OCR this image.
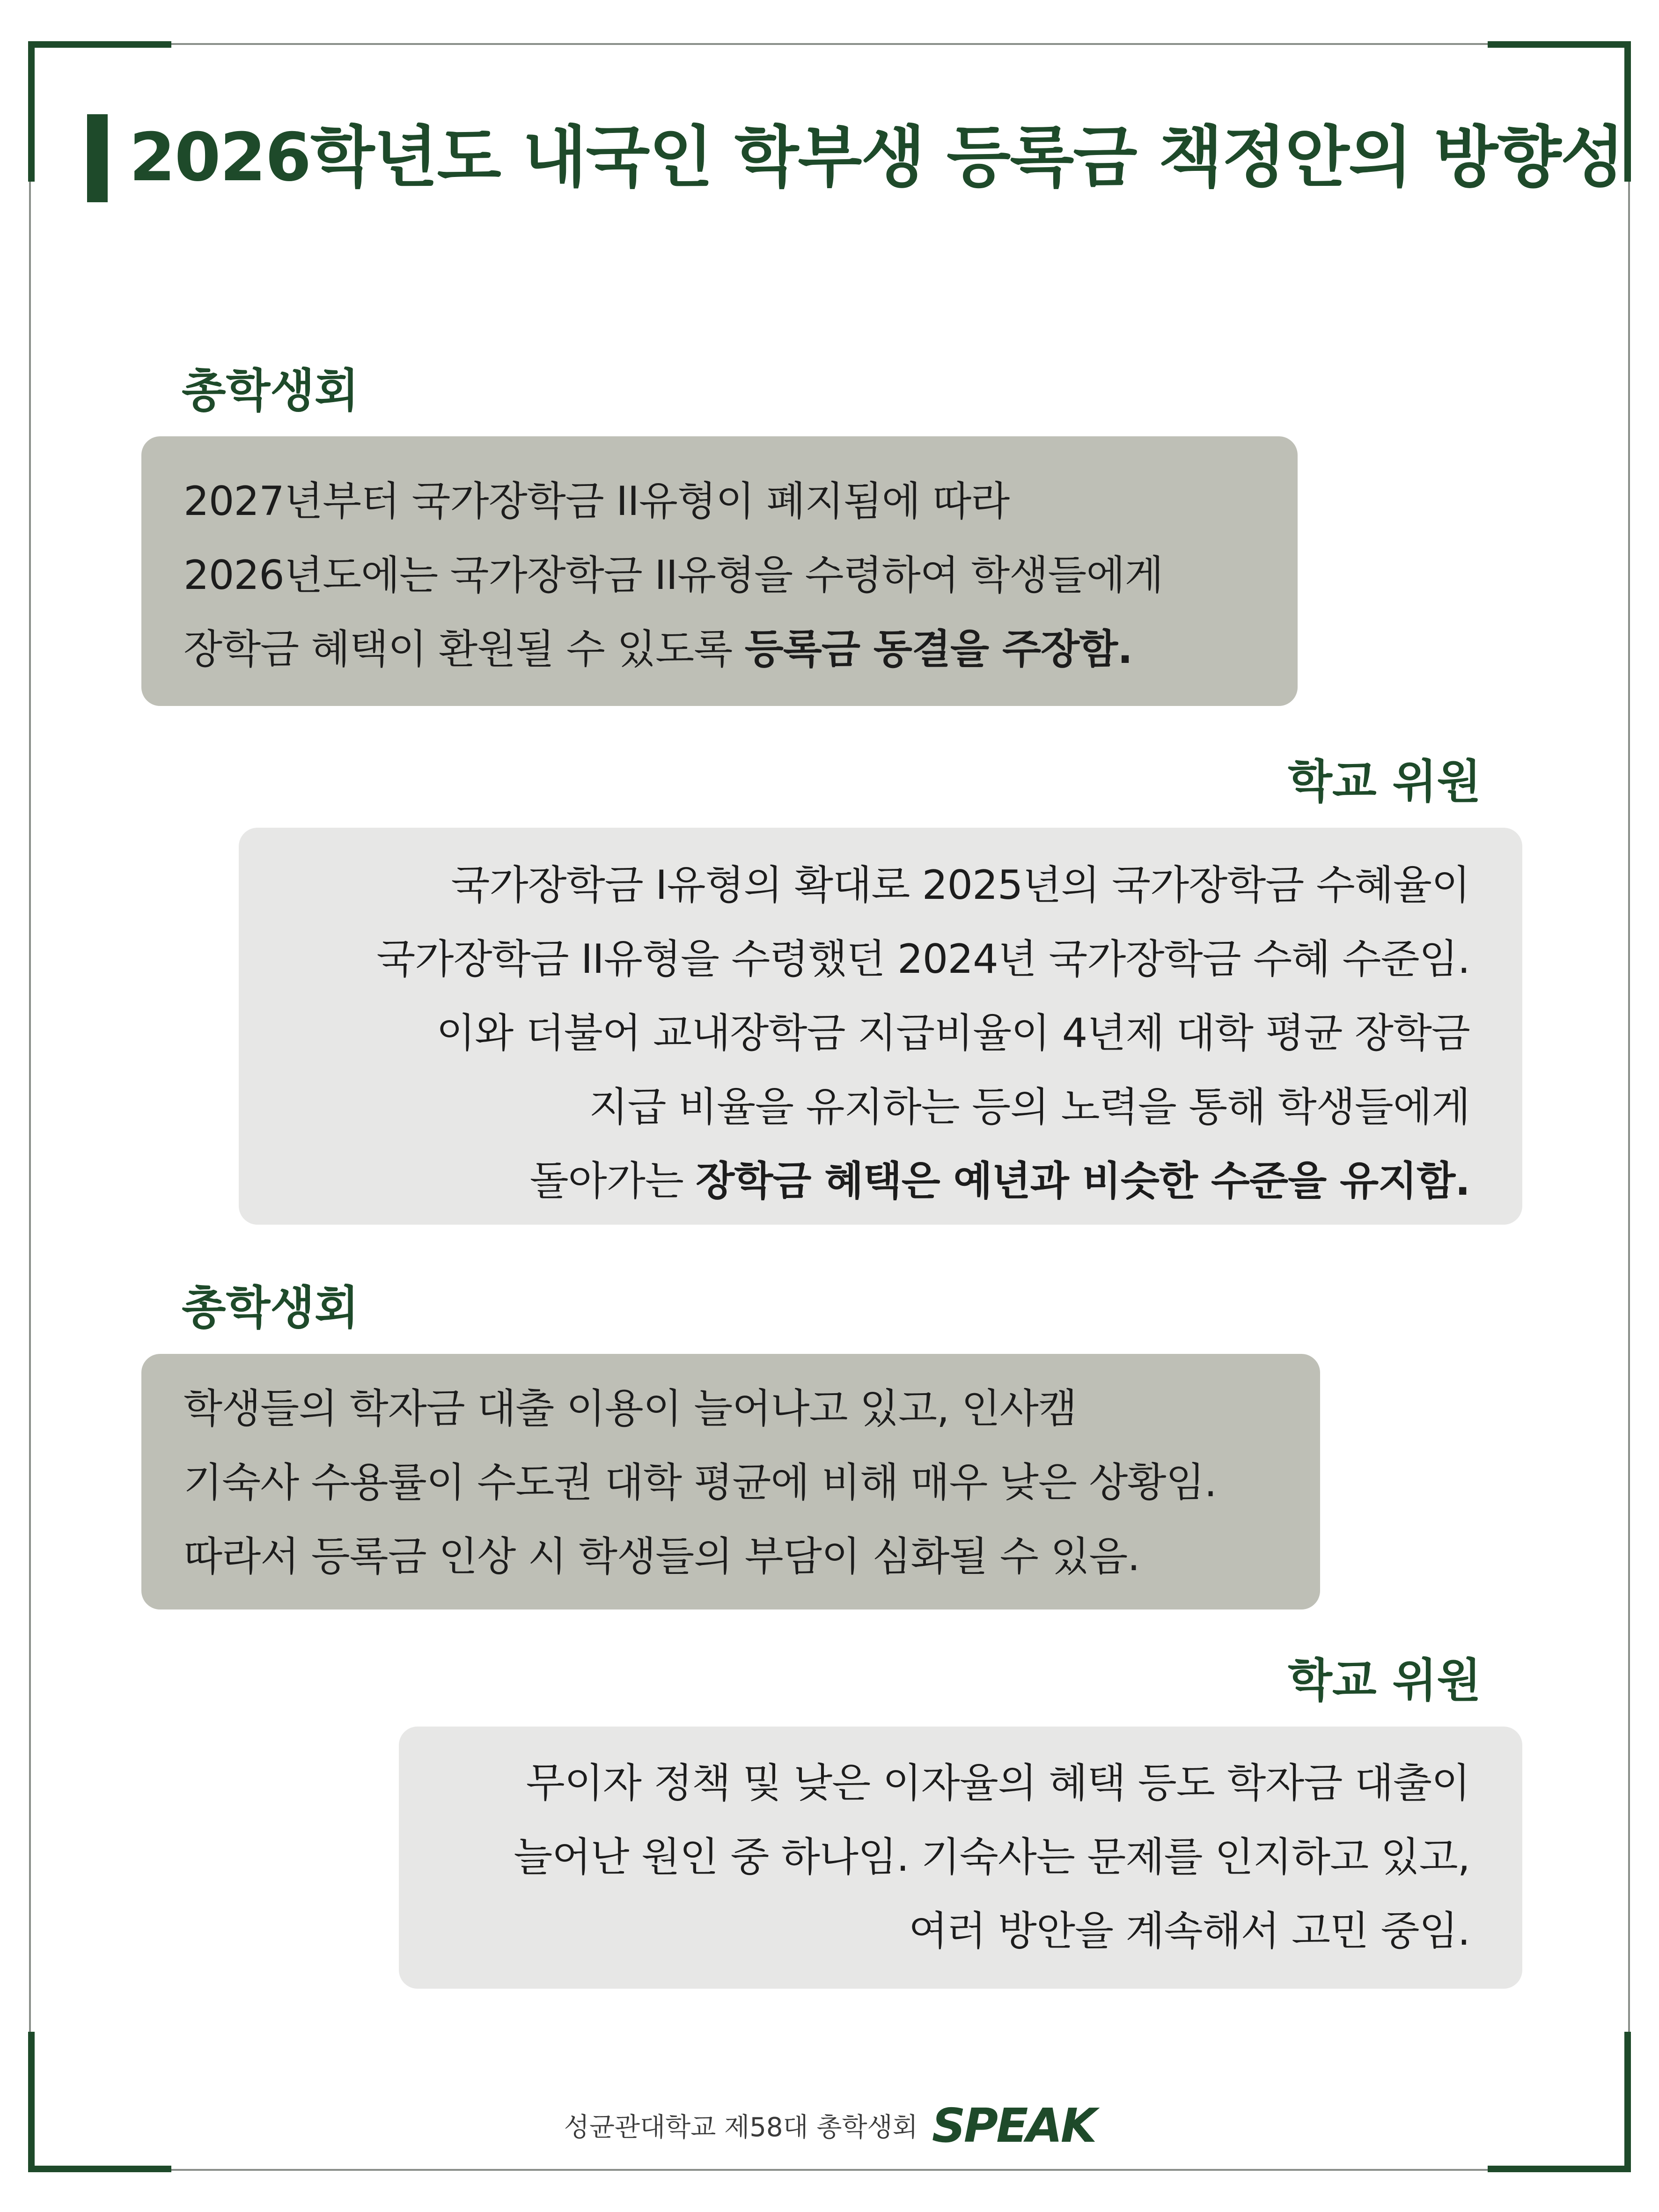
2026학년도 내국인 학부생 등록금 책정안의 방향성
총학생회
2027년부터 국가장학금 II유형이 폐지됨에 따라
2026년도에는 국가장학금 II유형을 수령하여 학생들에게
장학금 혜택이 환원될 수 있도록 등록금 동결을 주장함.
학교 위원
국가장학금 I유형의 확대로 2025년의 국가장학금 수혜율이
국가장학금 II유형을 수령했던 2024년 국가장학금 수혜 수준임.
이와 더불어 교내장학금 지급비율이 4년제 대학 평균 장학금
지급 비율을 유지하는 등의 노력을 통해 학생들에게
돌아가는 장학금 혜택은 예년과 비슷한 수준을 유지함.
총학생회
학생들의 학자금 대출 이용이 늘어나고 있고, 인사캠
기숙사 수용률이 수도권 대학 평균에 비해 매우 낮은 상황임.
따라서 등록금 인상 시 학생들의 부담이 심화될 수 있음.
학교 위원
무이자 정책 및 낮은 이자율의 혜택 등도 학자금 대출이
늘어난 원인 중 하나임. 기숙사는 문제를 인지하고 있고,
여러 방안을 계속해서 고민 중임.
성균관대학교 제58대 총학생회 SPEAK
